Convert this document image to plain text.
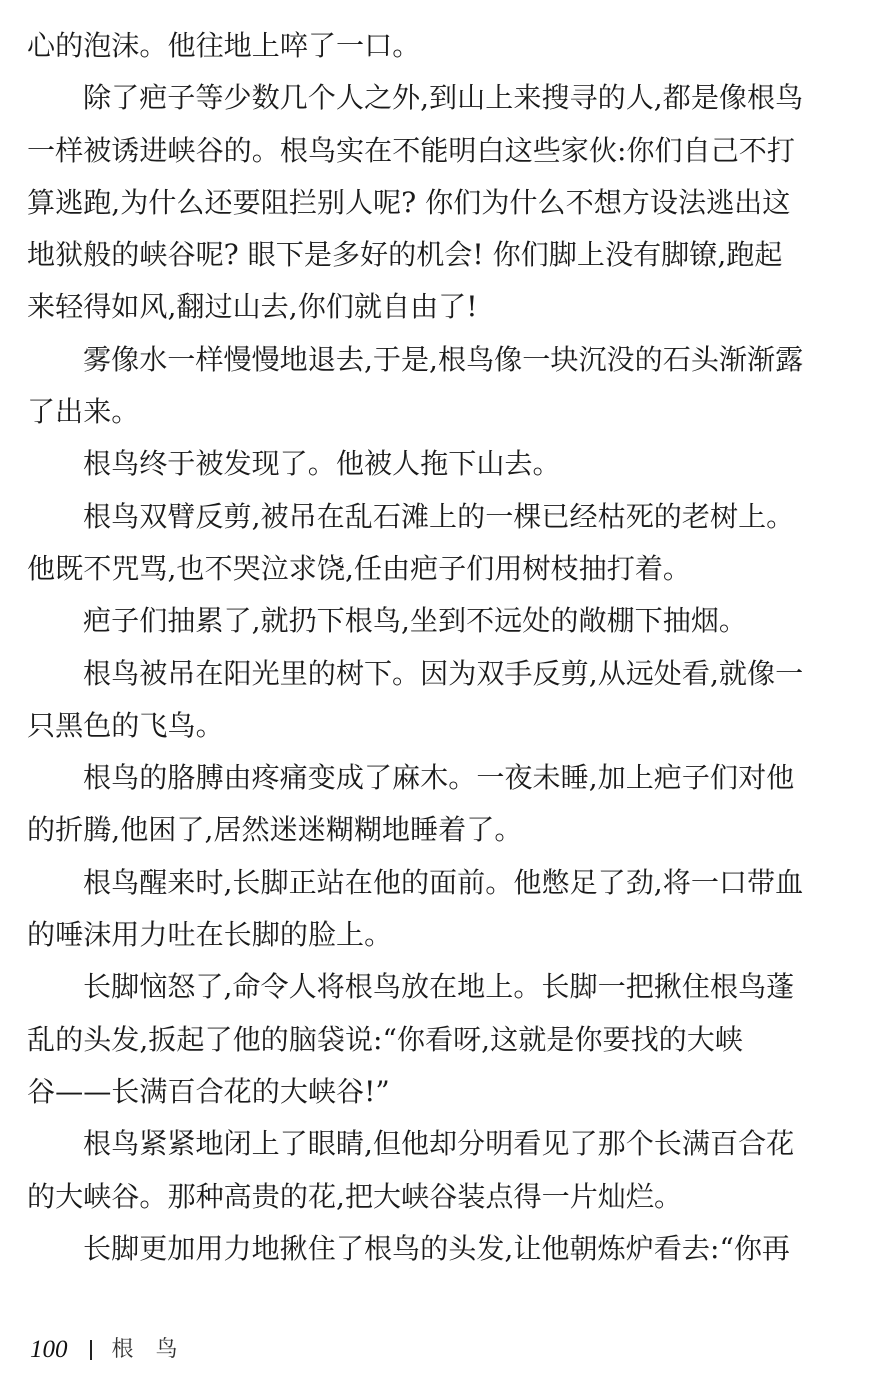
心的泡沫。他往地上啐了一口。
除了疤子等少数几个人之外,到山上来搜寻的人,都是像根鸟
一样被诱进峡谷的。根鸟实在不能明白这些家伙:你们自己不打
算逃跑,为什么还要阻拦别人呢? 你们为什么不想方设法逃出这
地狱般的峡谷呢? 眼下是多好的机会! 你们脚上没有脚镣,跑起
来轻得如风,翻过山去,你们就自由了!
雾像水一样慢慢地退去,于是,根鸟像一块沉没的石头渐渐露
了出来。
根鸟终于被发现了。他被人拖下山去。
根鸟双臂反剪,被吊在乱石滩上的一棵已经枯死的老树上。
他既不咒骂,也不哭泣求饶,任由疤子们用树枝抽打着。
疤子们抽累了,就扔下根鸟,坐到不远处的敞棚下抽烟。
根鸟被吊在阳光里的树下。因为双手反剪,从远处看,就像一
只黑色的飞鸟。
根鸟的胳膊由疼痛变成了麻木。一夜未睡,加上疤子们对他
的折腾,他困了,居然迷迷糊糊地睡着了。
根鸟醒来时,长脚正站在他的面前。他憋足了劲,将一口带血
的唾沫用力吐在长脚的脸上。
长脚恼怒了,命令人将根鸟放在地上。长脚一把揪住根鸟蓬
乱的头发,扳起了他的脑袋说:“你看呀,这就是你要找的大峡
谷——长满百合花的大峡谷!”
根鸟紧紧地闭上了眼睛,但他却分明看见了那个长满百合花
的大峡谷。那种高贵的花,把大峡谷装点得一片灿烂。
长脚更加用力地揪住了根鸟的头发,让他朝炼炉看去:“你再
100 根鸟
